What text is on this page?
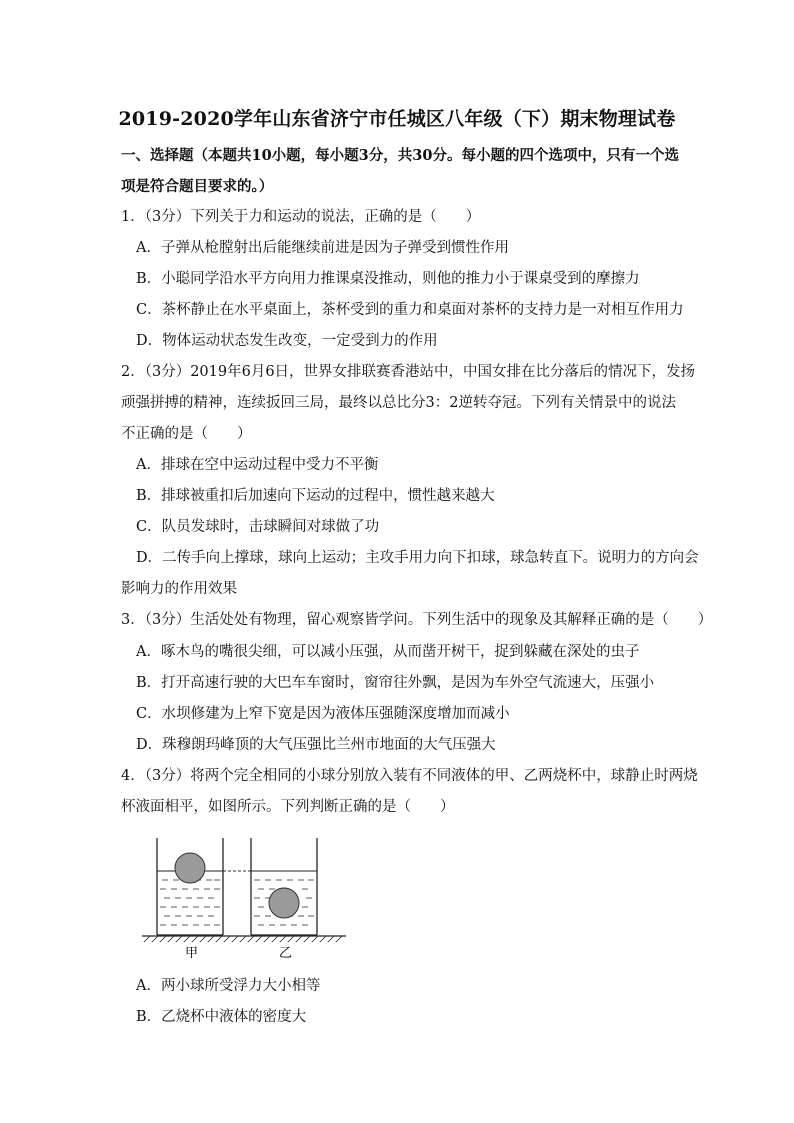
2019-2020学年山东省济宁市任城区八年级（下）期末物理试卷
一、选择题（本题共10小题，每小题3分，共30分。每小题的四个选项中，只有一个选
项是符合题目要求的。）
1．（3分）下列关于力和运动的说法，正确的是（　　）
A．子弹从枪膛射出后能继续前进是因为子弹受到惯性作用
B．小聪同学沿水平方向用力推课桌没推动，则他的推力小于课桌受到的摩擦力
C．茶杯静止在水平桌面上，茶杯受到的重力和桌面对茶杯的支持力是一对相互作用力
D．物体运动状态发生改变，一定受到力的作用
2．（3分）2019年6月6日，世界女排联赛香港站中，中国女排在比分落后的情况下，发扬
顽强拼搏的精神，连续扳回三局，最终以总比分3：2逆转夺冠。下列有关情景中的说法
不正确的是（　　）
A．排球在空中运动过程中受力不平衡
B．排球被重扣后加速向下运动的过程中，惯性越来越大
C．队员发球时，击球瞬间对球做了功
D．二传手向上撑球，球向上运动；主攻手用力向下扣球，球急转直下。说明力的方向会
影响力的作用效果
3．（3分）生活处处有物理，留心观察皆学问。下列生活中的现象及其解释正确的是（　　）
A．啄木鸟的嘴很尖细，可以减小压强，从而凿开树干，捉到躲藏在深处的虫子
B．打开高速行驶的大巴车车窗时，窗帘往外飘，是因为车外空气流速大，压强小
C．水坝修建为上窄下宽是因为液体压强随深度增加而减小
D．珠穆朗玛峰顶的大气压强比兰州市地面的大气压强大
4．（3分）将两个完全相同的小球分别放入装有不同液体的甲、乙两烧杯中，球静止时两烧
杯液面相平，如图所示。下列判断正确的是（　　）
甲	乙
A．两小球所受浮力大小相等
B．乙烧杯中液体的密度大
